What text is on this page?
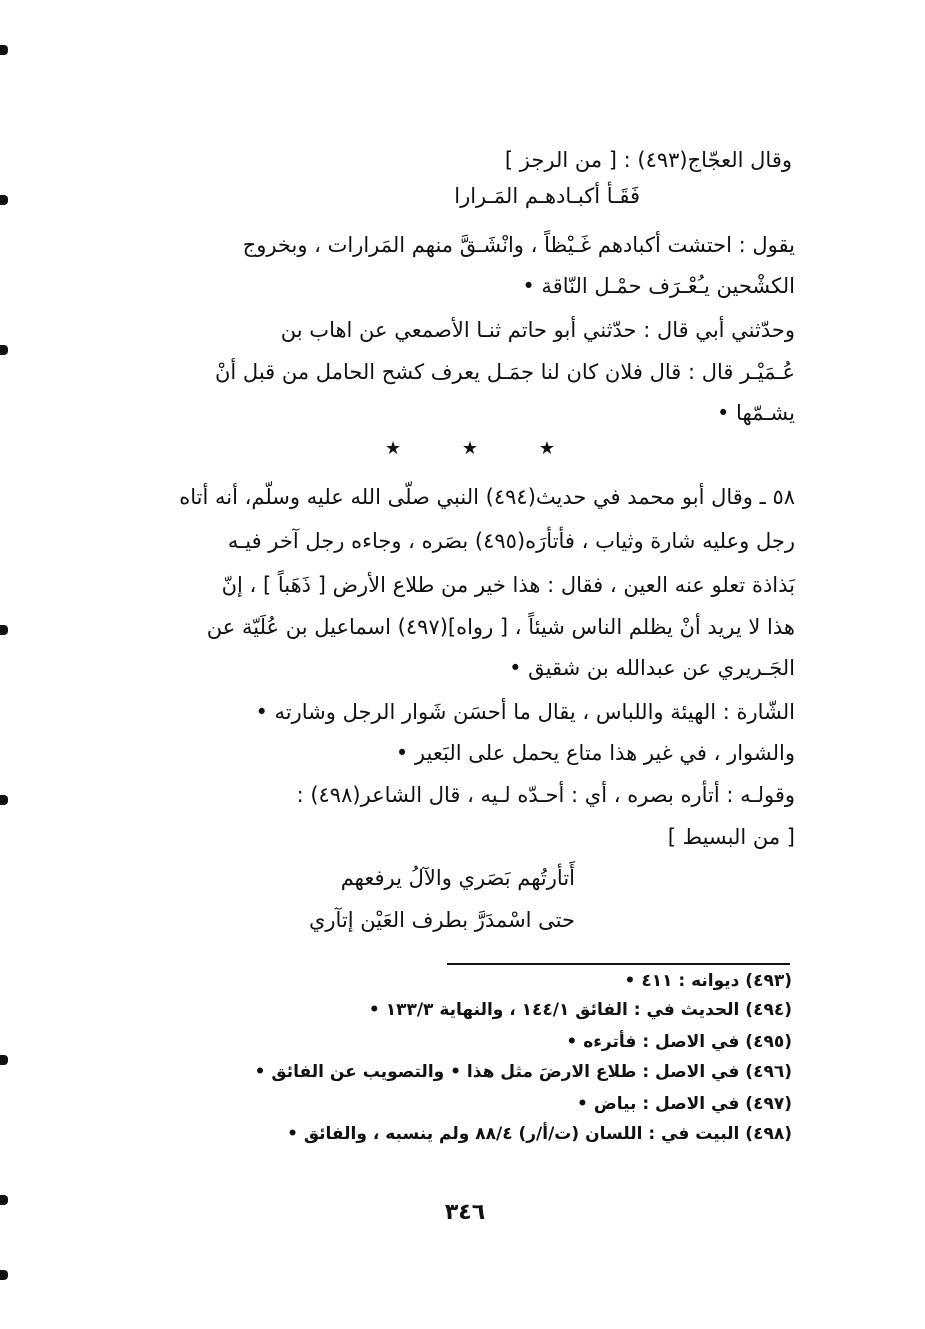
وقال العجّاج(٤٩٣) : [ من الرجز ]
فَقَـأ أكبـادهـم المَـرارا
يقول : احتشت أكبادهم غَـيْظاً ، وانْشَـقَّ منهم المَرارات ، وبخروج
الكشْحين يـُعْـرَف حمْـل النّاقة •
وحدّثني أبي قال : حدّثني أبو حاتم ثنـا الأصمعي عن اهاب بن
عُـمَيْـر قال : قال فلان كان لنا جمَـل يعرف كشح الحامل من قبل أنْ
يشـمّها •
★	★	★
٥٨ ـ وقال أبو محمد في حديث(٤٩٤) النبي صلّى الله عليه وسلّم، أنه أتاه
رجل وعليه شارة وثياب ، فأتأرَه(٤٩٥) بصَره ، وجاءه رجل آخر فيـه
بَذاذة تعلو عنه العين ، فقال : هذا خير من طلاع الأرض [ ذَهَباً ] ، إنّ
هذا لا يريد أنْ يظلم الناس شيئاً ، [ رواه](٤٩٧) اسماعيل بن عُلَيّة عن
الجَـريري عن عبدالله بن شقيق •
الشّارة : الهيئة واللباس ، يقال ما أحسَن شَوار الرجل وشارته •
والشوار ، في غير هذا متاع يحمل على البَعير •
وقولـه : أتأره بصره ، أي : أحـدّه لـيه ، قال الشاعر(٤٩٨) :
[ من البسيط ]
أَتأرتُهم بَصَري والآلُ يرفعهم
حتى اسْمدَرَّ بطرف العَيْن إتآري
(٤٩٣) ديوانه : ٤١١ •
(٤٩٤) الحديث في : الفائق ١٤٤/١ ، والنهاية ١٣٣/٣ •
(٤٩٥) في الاصل : فأترءه •
(٤٩٦) في الاصل : طلاع الارضَ مثل هذا • والتصويب عن الفائق •
(٤٩٧) في الاصل : بياض •
(٤٩٨) البيت في : اللسان (ت/أ/ر) ٨٨/٤ ولم ينسبه ، والفائق •
٣٤٦
